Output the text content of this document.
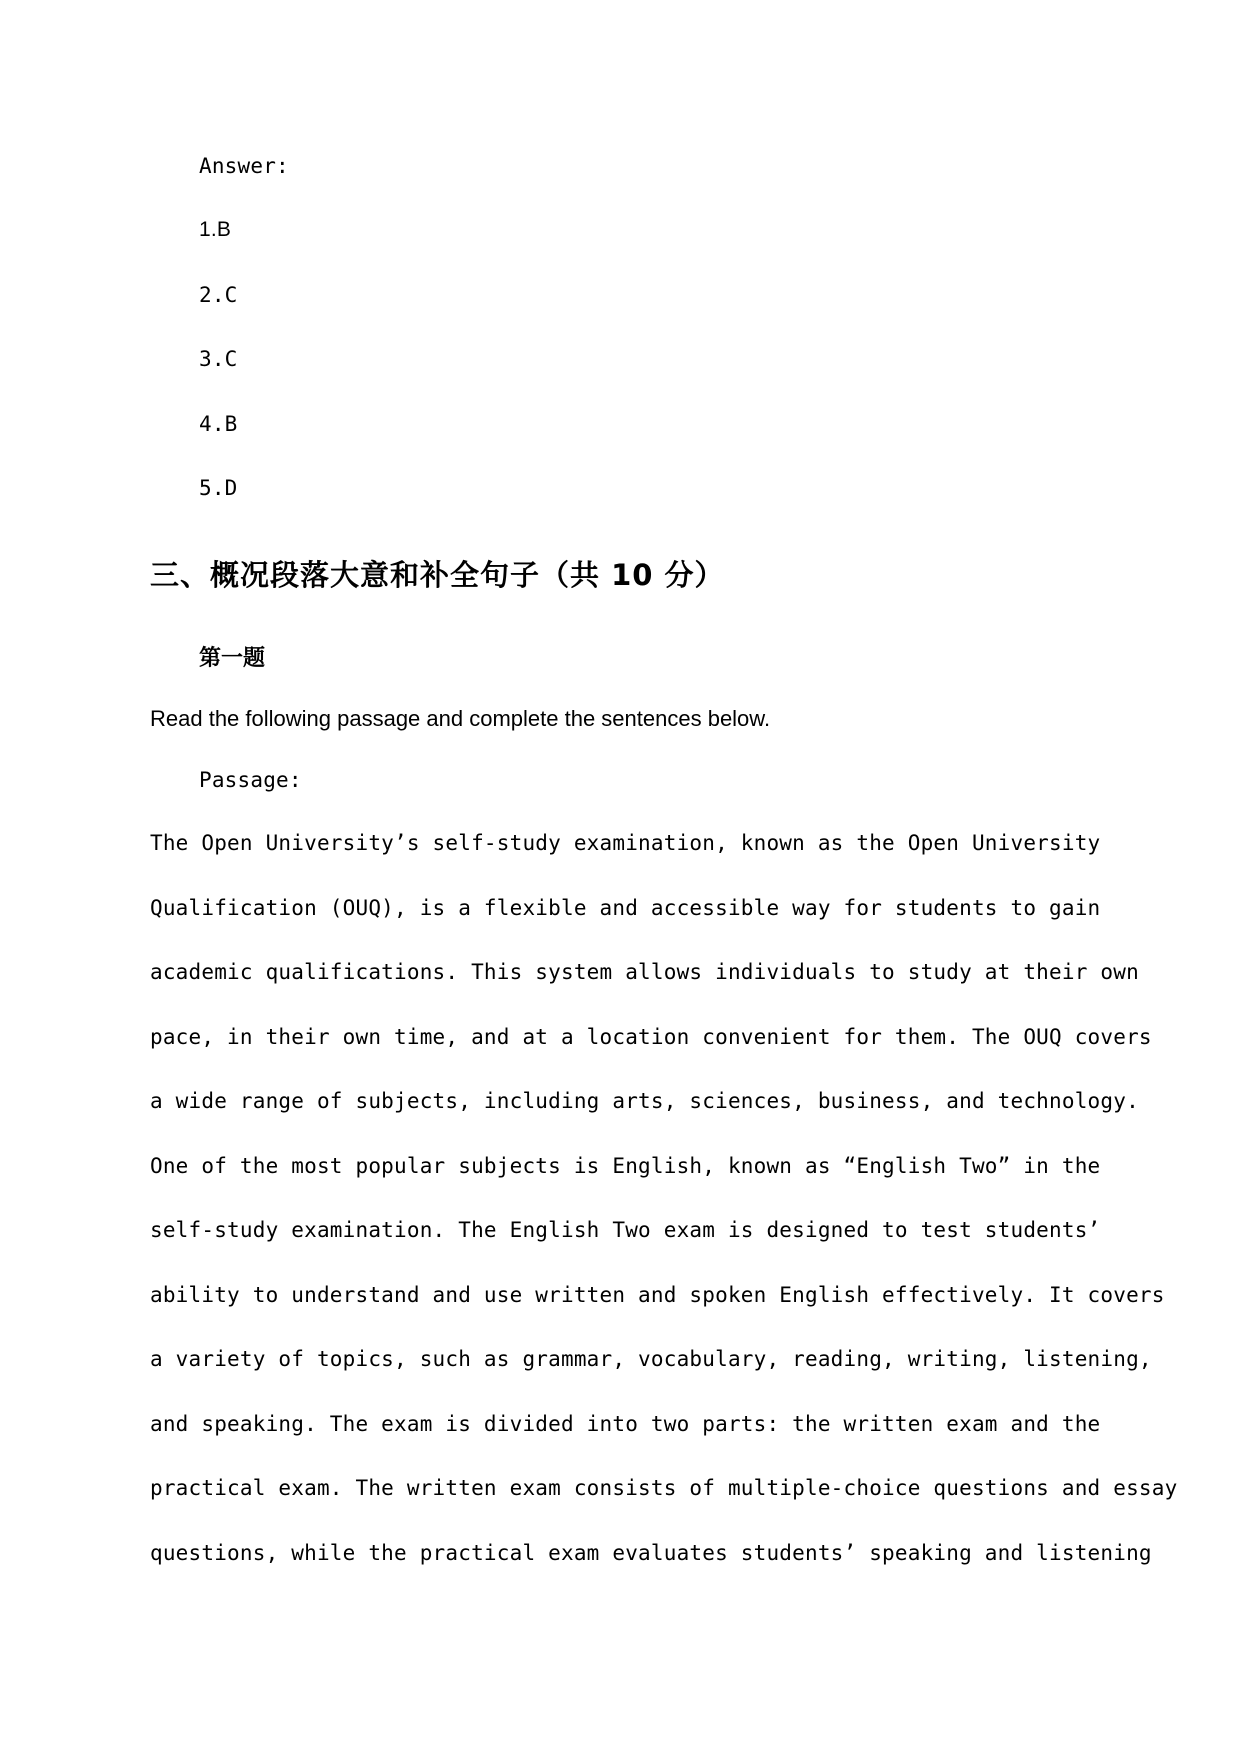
Answer:
1.B
2.C
3.C
4.B
5.D
三、概况段落大意和补全句子（共 10 分）
第一题

Read the following passage and complete the sentences below.

Passage:
The Open University’s self-study examination, known as the Open University
Qualification (OUQ), is a flexible and accessible way for students to gain
academic qualifications. This system allows individuals to study at their own
pace, in their own time, and at a location convenient for them. The OUQ covers
a wide range of subjects, including arts, sciences, business, and technology.
One of the most popular subjects is English, known as “English Two” in the
self-study examination. The English Two exam is designed to test students’
ability to understand and use written and spoken English effectively. It covers
a variety of topics, such as grammar, vocabulary, reading, writing, listening,
and speaking. The exam is divided into two parts: the written exam and the
practical exam. The written exam consists of multiple-choice questions and essay
questions, while the practical exam evaluates students’ speaking and listening
